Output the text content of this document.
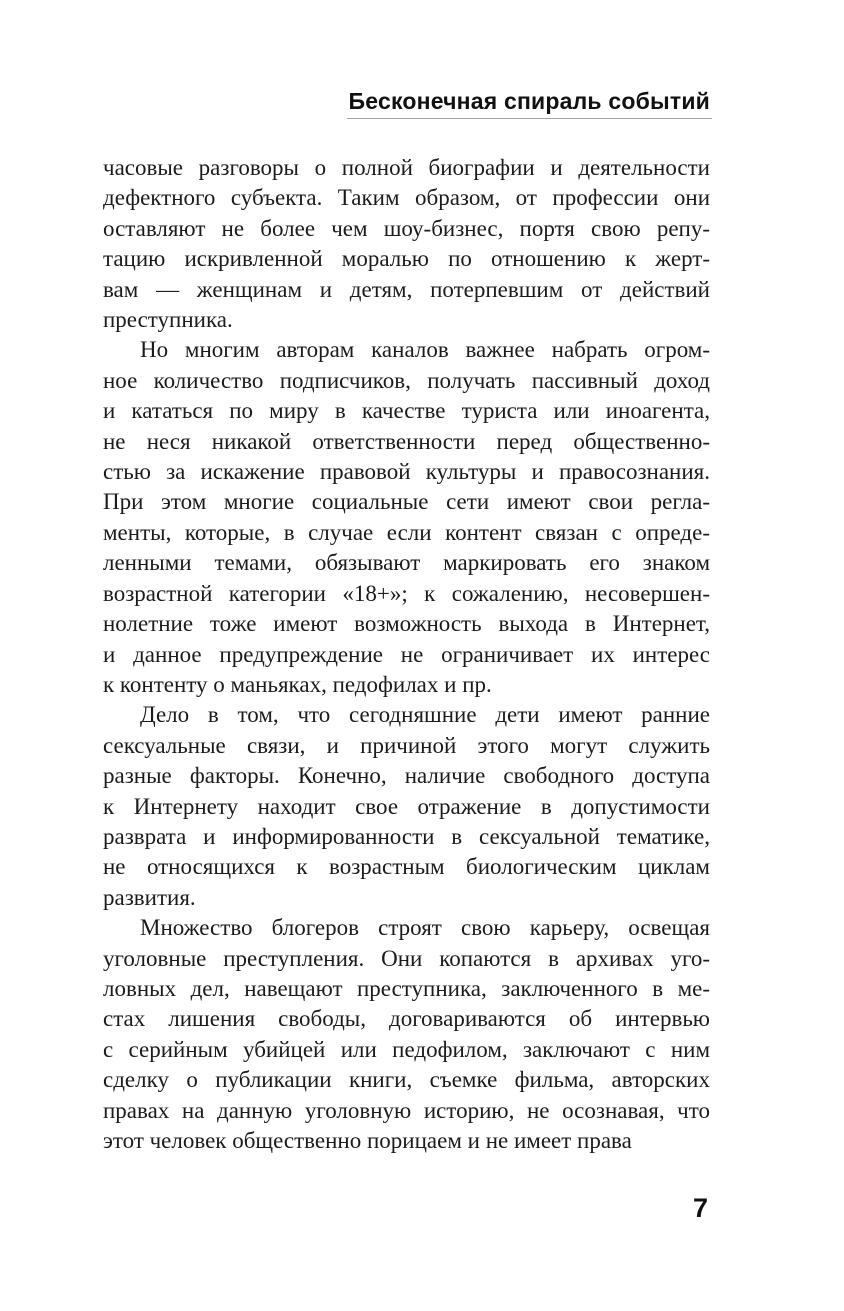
Бесконечная спираль событий
часовые разговоры о полной биографии и деятельности
дефектного субъекта. Таким образом, от профессии они
оставляют не более чем шоу-бизнес, портя свою репу-
тацию искривленной моралью по отношению к жерт-
вам — женщинам и детям, потерпевшим от действий
преступника.
Но многим авторам каналов важнее набрать огром-
ное количество подписчиков, получать пассивный доход
и кататься по миру в качестве туриста или иноагента,
не неся никакой ответственности перед общественно-
стью за искажение правовой культуры и правосознания.
При этом многие социальные сети имеют свои регла-
менты, которые, в случае если контент связан с опреде-
ленными темами, обязывают маркировать его знаком
возрастной категории «18+»; к сожалению, несовершен-
нолетние тоже имеют возможность выхода в Интернет,
и данное предупреждение не ограничивает их интерес
к контенту о маньяках, педофилах и пр.
Дело в том, что сегодняшние дети имеют ранние
сексуальные связи, и причиной этого могут служить
разные факторы. Конечно, наличие свободного доступа
к Интернету находит свое отражение в допустимости
разврата и информированности в сексуальной тематике,
не относящихся к возрастным биологическим циклам
развития.
Множество блогеров строят свою карьеру, освещая
уголовные преступления. Они копаются в архивах уго-
ловных дел, навещают преступника, заключенного в ме-
стах лишения свободы, договариваются об интервью
с серийным убийцей или педофилом, заключают с ним
сделку о публикации книги, съемке фильма, авторских
правах на данную уголовную историю, не осознавая, что
этот человек общественно порицаем и не имеет права
7
